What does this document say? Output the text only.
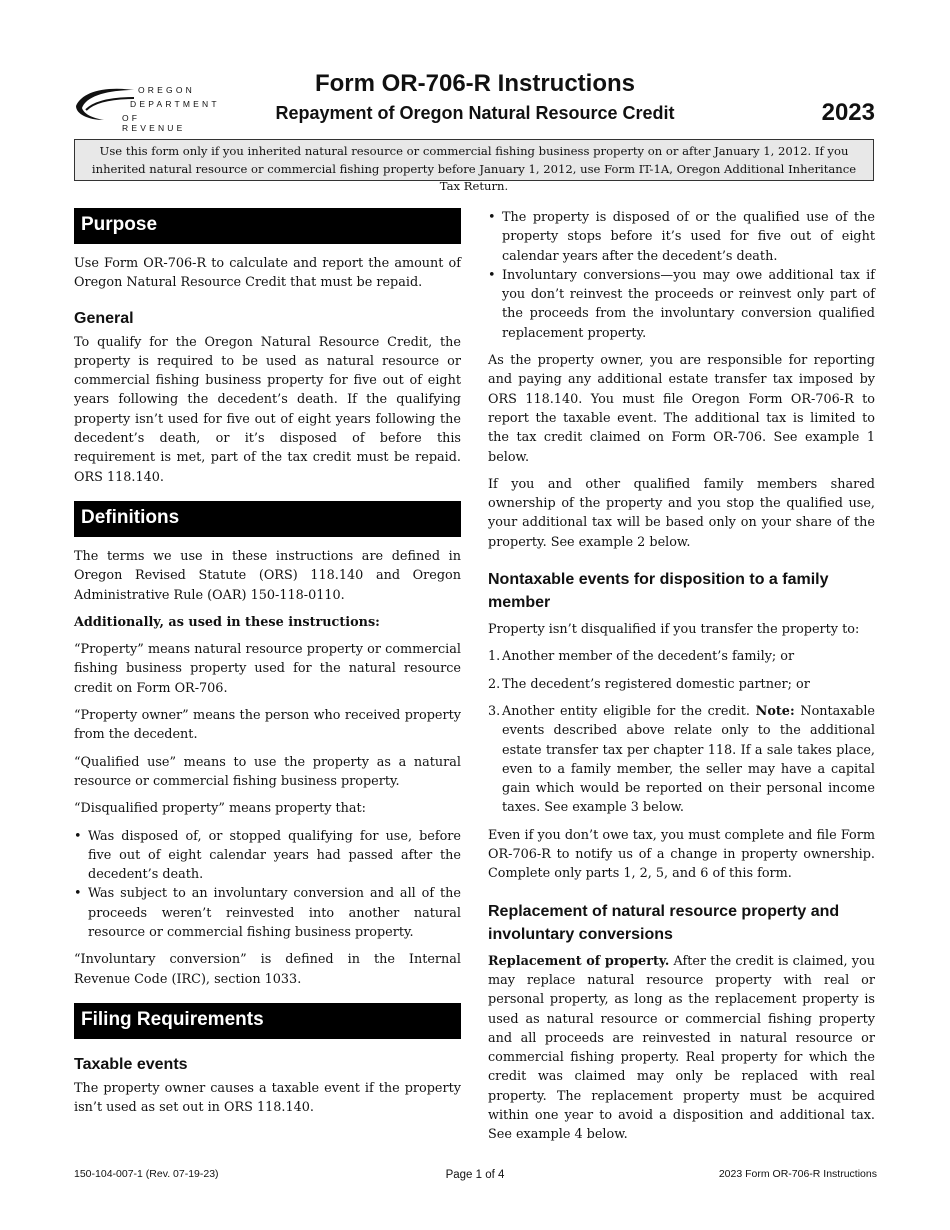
OREGON
DEPARTMENT
OF REVENUE
Form OR-706-R Instructions
Repayment of Oregon Natural Resource Credit	2023
Use this form only if you inherited natural resource or commercial fishing business property on or after January 1, 2012. If you inherited natural resource or commercial fishing property before January 1, 2012, use Form IT-1A, Oregon Additional Inheritance Tax Return.
Purpose

Use Form OR-706-R to calculate and report the amount of Oregon Natural Resource Credit that must be repaid.

General

To qualify for the Oregon Natural Resource Credit, the property is required to be used as natural resource or commercial fishing business property for five out of eight years following the decedent’s death. If the qualifying property isn’t used for five out of eight years following the decedent’s death, or it’s disposed of before this requirement is met, part of the tax credit must be repaid. ORS 118.140.

Definitions

The terms we use in these instructions are defined in Oregon Revised Statute (ORS) 118.140 and Oregon Administrative Rule (OAR) 150-118-0110.

Additionally, as used in these instructions:

“Property” means natural resource property or commercial fishing business property used for the natural resource credit on Form OR-706.

“Property owner” means the person who received property from the decedent.

“Qualified use” means to use the property as a natural resource or commercial fishing business property.

“Disqualified property” means property that:

• Was disposed of, or stopped qualifying for use, before five out of eight calendar years had passed after the decedent’s death.
• Was subject to an involuntary conversion and all of the proceeds weren’t reinvested into another natural resource or commercial fishing business property.

“Involuntary conversion” is defined in the Internal Revenue Code (IRC), section 1033.

Filing Requirements
Taxable events

The property owner causes a taxable event if the property isn’t used as set out in ORS 118.140.

• The property is disposed of or the qualified use of the property stops before it’s used for five out of eight calendar years after the decedent’s death.
• Involuntary conversions—you may owe additional tax if you don’t reinvest the proceeds or reinvest only part of the proceeds from the involuntary conversion qualified replacement property.

As the property owner, you are responsible for reporting and paying any additional estate transfer tax imposed by ORS 118.140. You must file Oregon Form OR-706-R to report the taxable event. The additional tax is limited to the tax credit claimed on Form OR-706. See example 1 below.

If you and other qualified family members shared ownership of the property and you stop the qualified use, your additional tax will be based only on your share of the property. See example 2 below.

Nontaxable events for disposition to a family member

Property isn’t disqualified if you transfer the property to:

1. Another member of the decedent’s family; or
2. The decedent’s registered domestic partner; or
3. Another entity eligible for the credit. Note: Nontaxable events described above relate only to the additional estate transfer tax per chapter 118. If a sale takes place, even to a family member, the seller may have a capital gain which would be reported on their personal income taxes. See example 3 below.

Even if you don’t owe tax, you must complete and file Form OR-706-R to notify us of a change in property ownership. Complete only parts 1, 2, 5, and 6 of this form.

Replacement of natural resource property and involuntary conversions

Replacement of property. After the credit is claimed, you may replace natural resource property with real or personal property, as long as the replacement property is used as natural resource or commercial fishing property and all proceeds are reinvested in natural resource or commercial fishing property. Real property for which the credit was claimed may only be replaced with real property. The replacement property must be acquired within one year to avoid a disposition and additional tax. See example 4 below.

150-104-007-1 (Rev. 07-19-23)	Page 1 of 4	2023 Form OR-706-R Instructions
